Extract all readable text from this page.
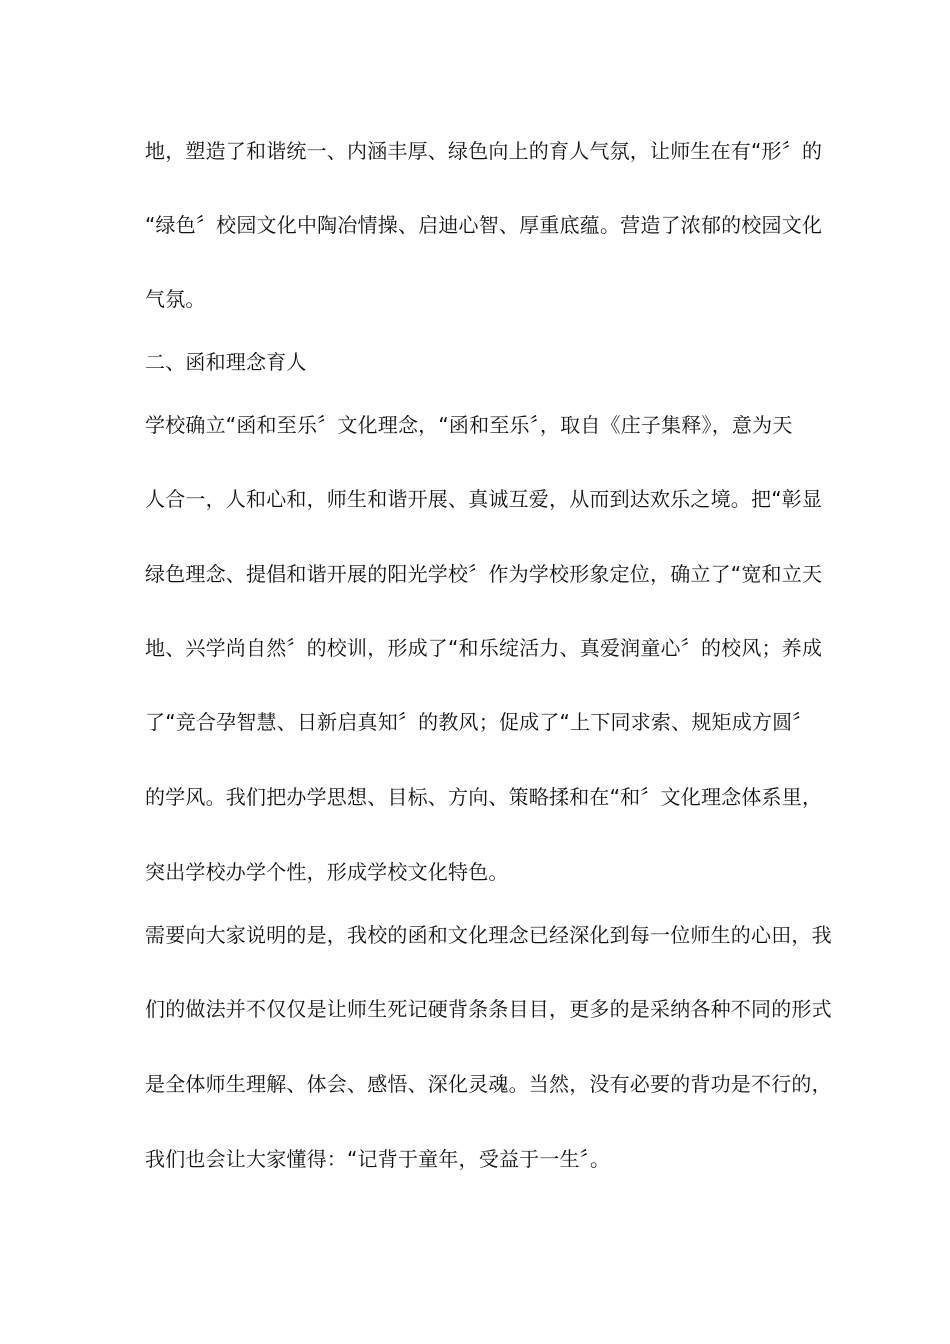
地，塑造了和谐统一、内涵丰厚、绿色向上的育人气氛，让师生在有“形〞的
“绿色〞校园文化中陶冶情操、启迪心智、厚重底蕴。营造了浓郁的校园文化
气氛。
二、函和理念育人
学校确立“函和至乐〞文化理念，“函和至乐〞，取自《庄子集释》，意为天
人合一，人和心和，师生和谐开展、真诚互爱，从而到达欢乐之境。把“彰显
绿色理念、提倡和谐开展的阳光学校〞作为学校形象定位，确立了“宽和立天
地、兴学尚自然〞的校训，形成了“和乐绽活力、真爱润童心〞的校风；养成
了“竞合孕智慧、日新启真知〞的教风；促成了“上下同求索、规矩成方圆〞
的学风。我们把办学思想、目标、方向、策略揉和在“和〞文化理念体系里，
突出学校办学个性，形成学校文化特色。
需要向大家说明的是，我校的函和文化理念已经深化到每一位师生的心田，我
们的做法并不仅仅是让师生死记硬背条条目目，更多的是采纳各种不同的形式
是全体师生理解、体会、感悟、深化灵魂。当然，没有必要的背功是不行的，
我们也会让大家懂得：“记背于童年，受益于一生〞。
